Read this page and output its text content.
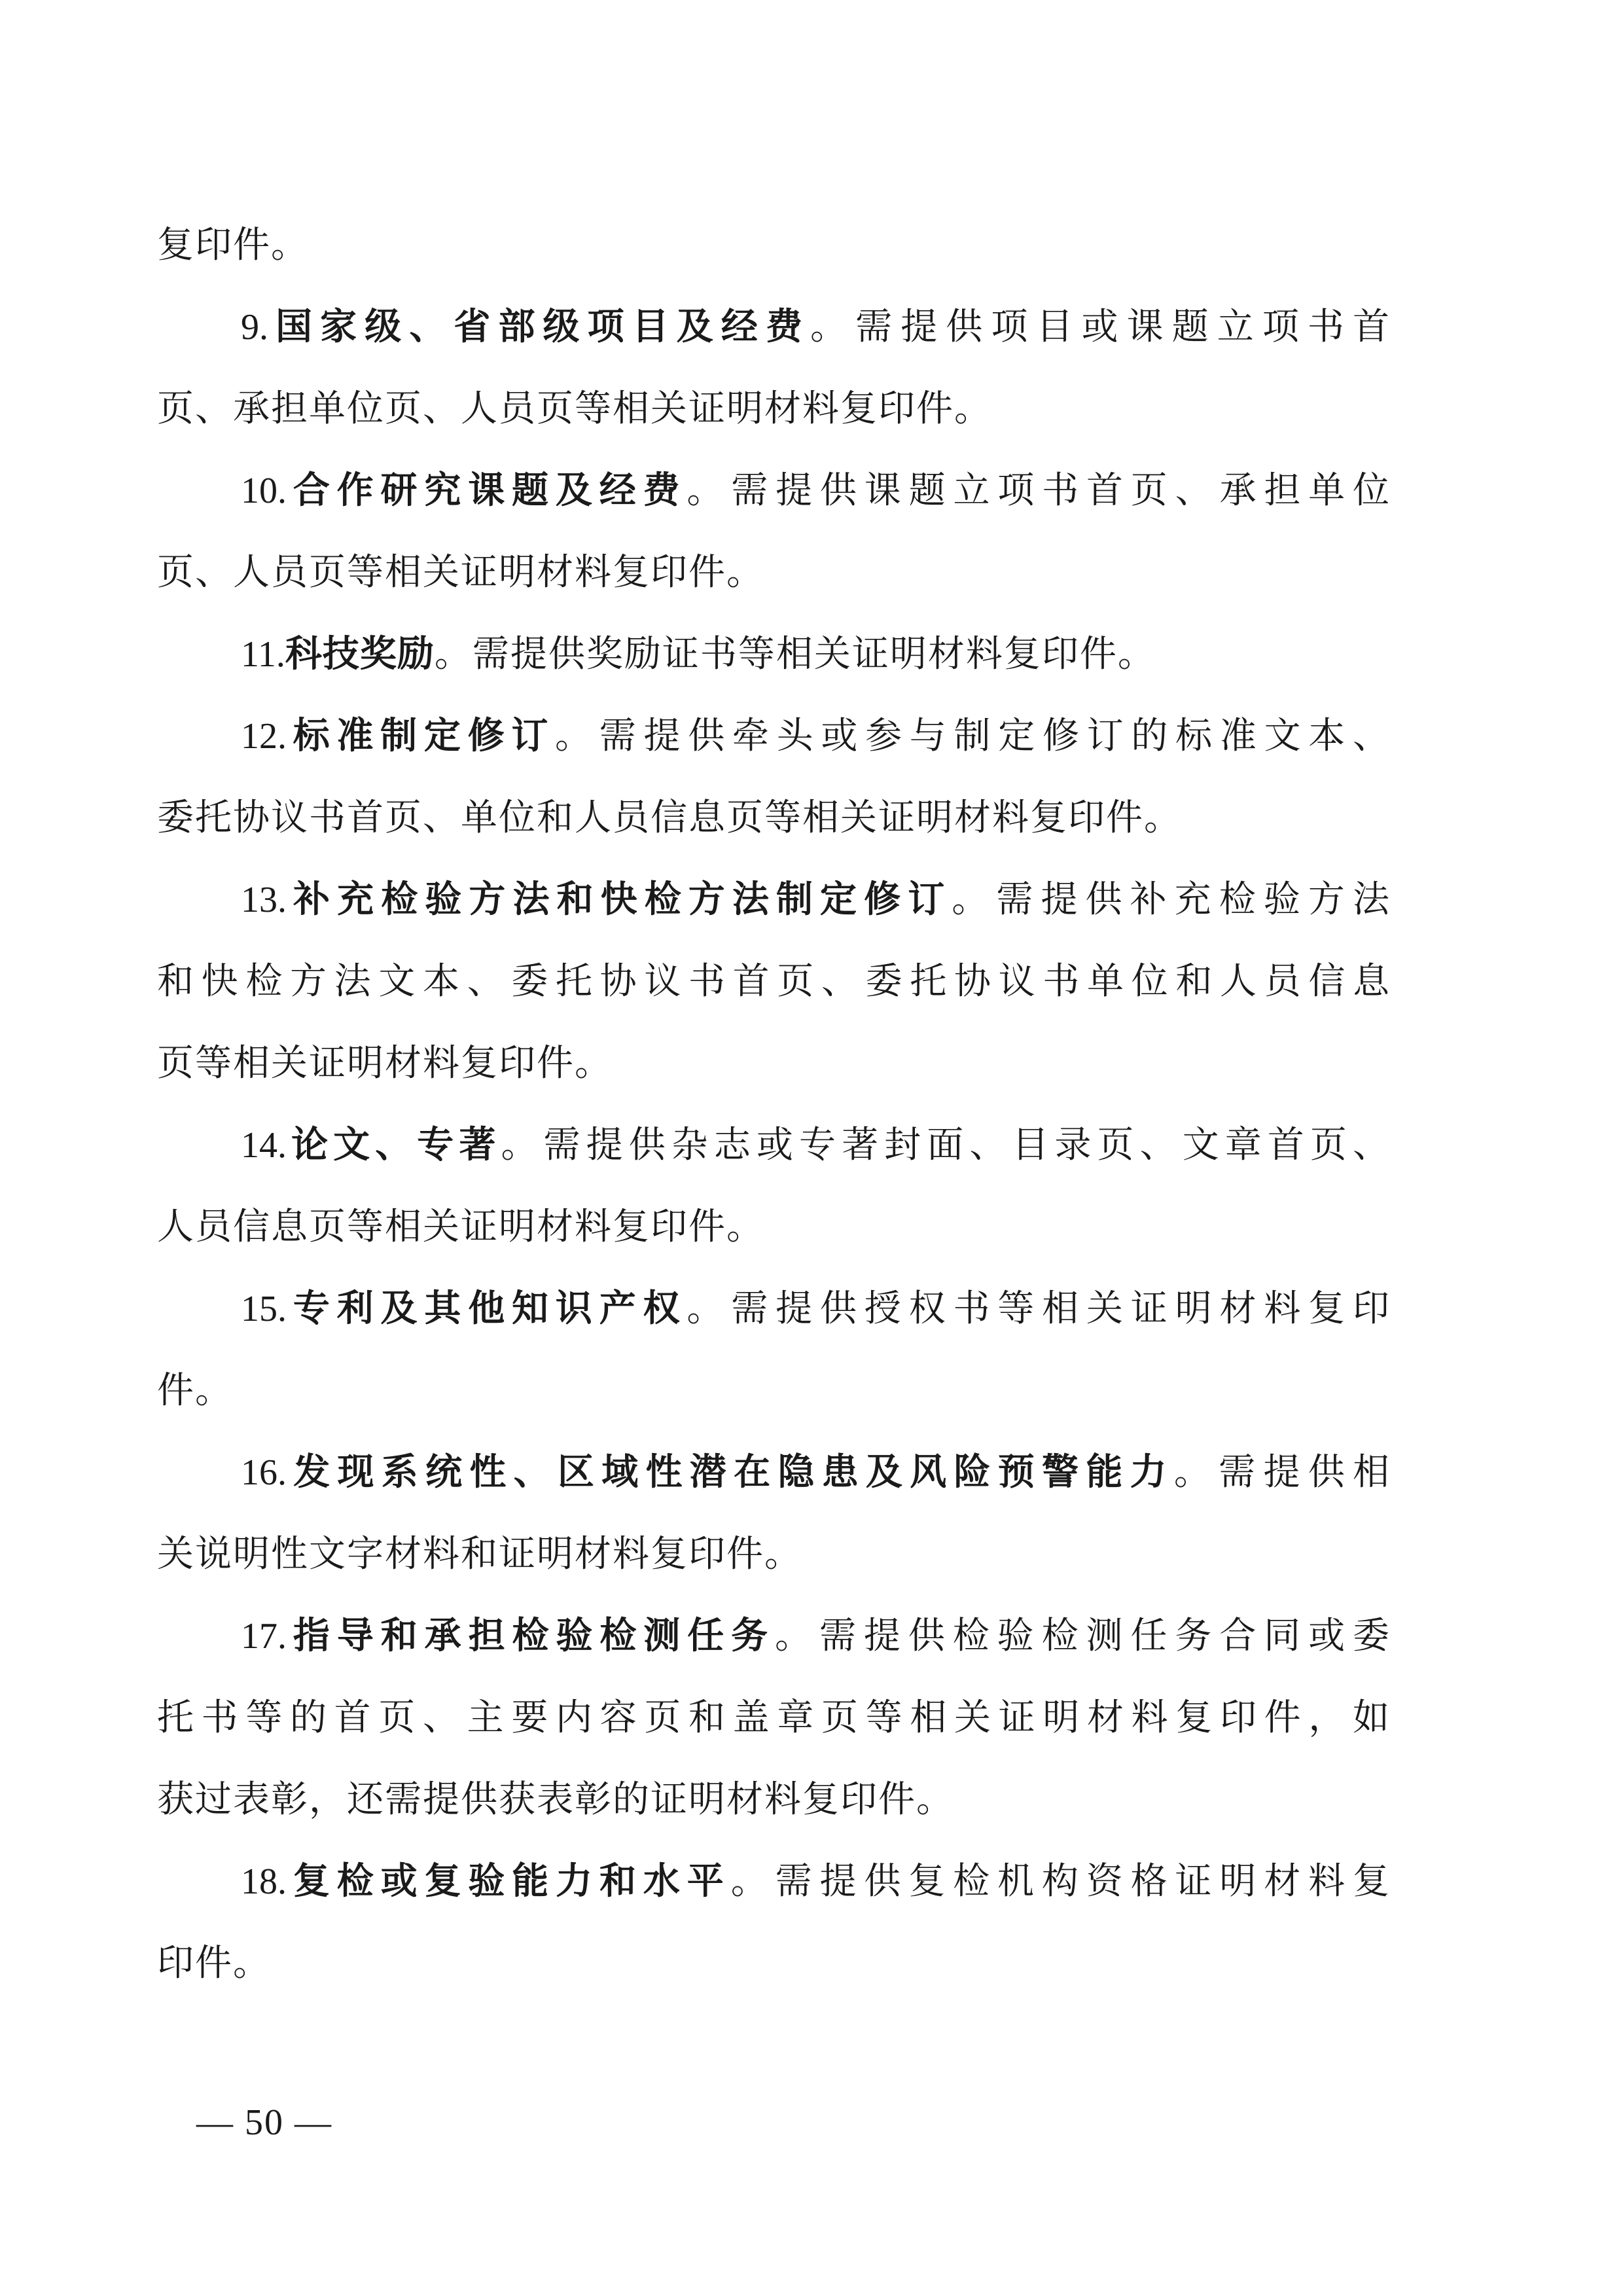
复印件。
9.国家级、省部级项目及经费。需提供项目或课题立项书首
页、承担单位页、人员页等相关证明材料复印件。
10.合作研究课题及经费。需提供课题立项书首页、承担单位
页、人员页等相关证明材料复印件。
11.科技奖励。需提供奖励证书等相关证明材料复印件。
12.标准制定修订。需提供牵头或参与制定修订的标准文本、
委托协议书首页、单位和人员信息页等相关证明材料复印件。
13.补充检验方法和快检方法制定修订。需提供补充检验方法
和快检方法文本、委托协议书首页、委托协议书单位和人员信息
页等相关证明材料复印件。
14.论文、专著。需提供杂志或专著封面、目录页、文章首页、
人员信息页等相关证明材料复印件。
15.专利及其他知识产权。需提供授权书等相关证明材料复印
件。
16.发现系统性、区域性潜在隐患及风险预警能力。需提供相
关说明性文字材料和证明材料复印件。
17.指导和承担检验检测任务。需提供检验检测任务合同或委
托书等的首页、主要内容页和盖章页等相关证明材料复印件，如
获过表彰，还需提供获表彰的证明材料复印件。
18.复检或复验能力和水平。需提供复检机构资格证明材料复
印件。
— 50 —
